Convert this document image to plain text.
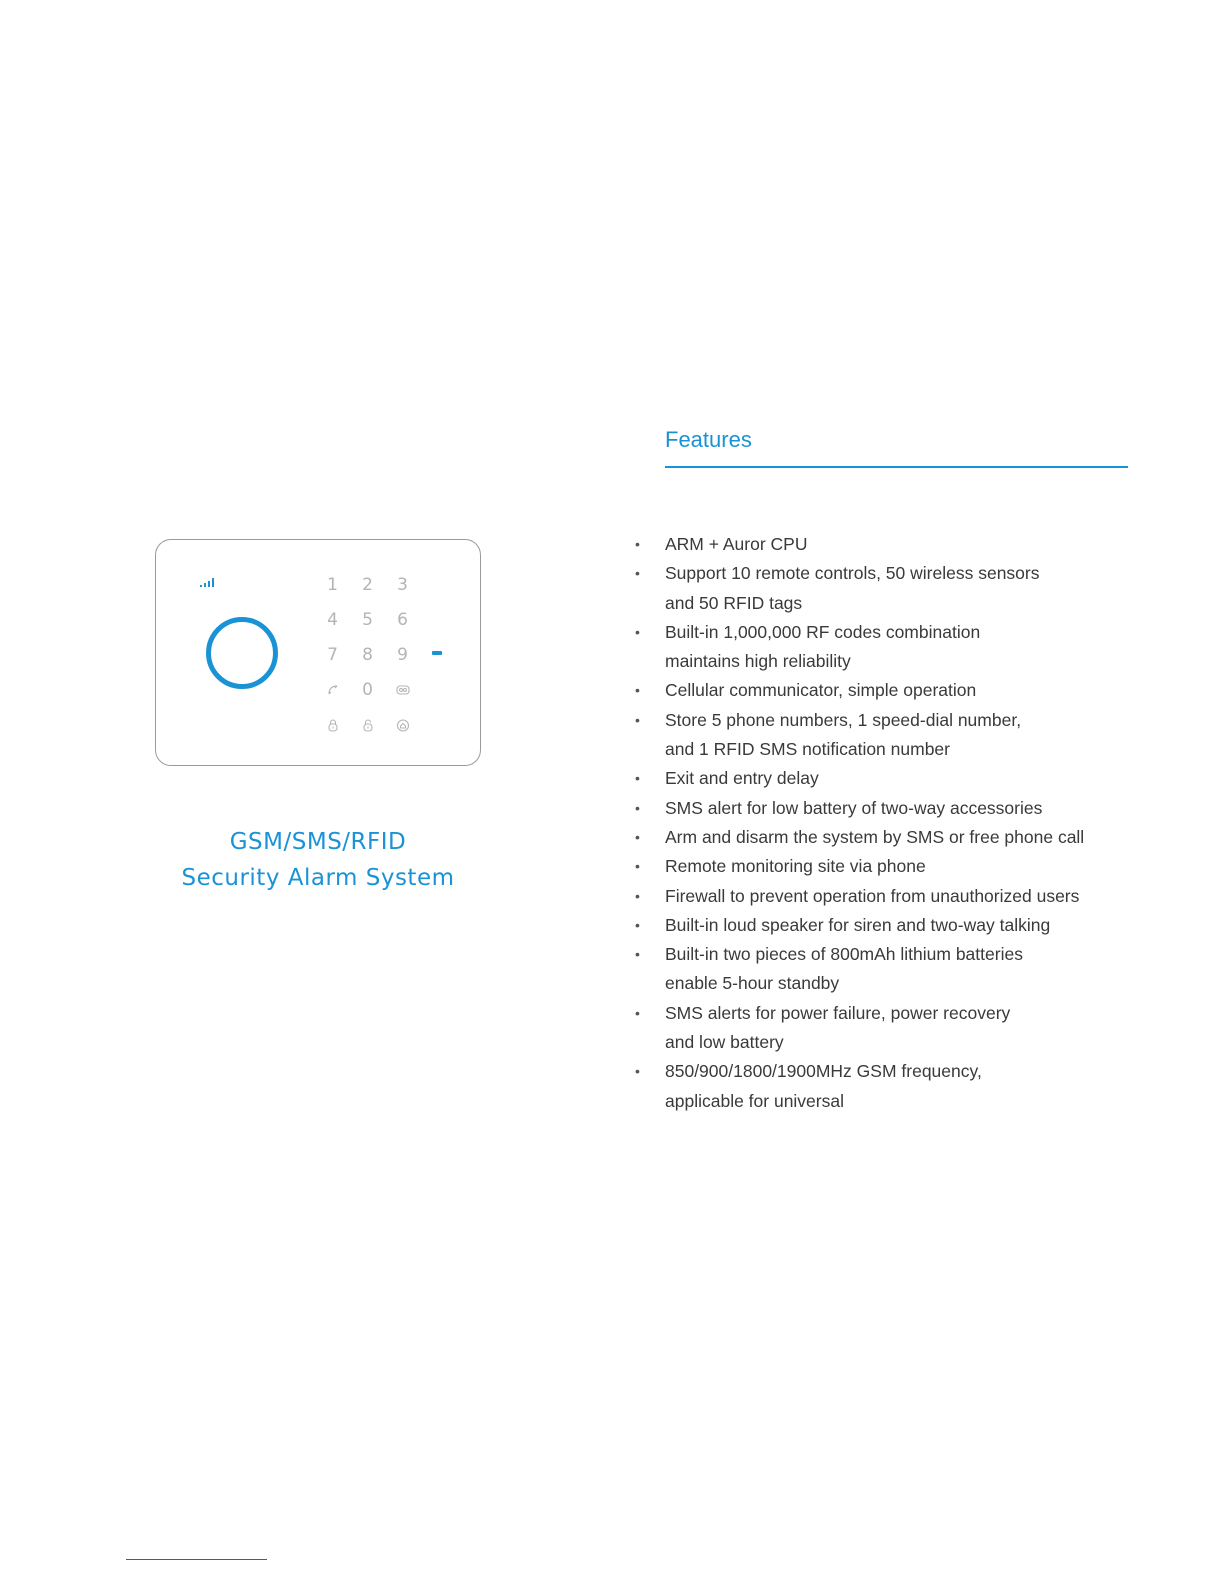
1	2	3
4	5	6
7	8	9
0
GSM/SMS/RFID
Security Alarm System
Features
• ARM + Auror CPU
• Support 10 remote controls, 50 wireless sensors
and 50 RFID tags
• Built-in 1,000,000 RF codes combination
maintains high reliability
• Cellular communicator, simple operation
• Store 5 phone numbers, 1 speed-dial number,
and 1 RFID SMS notification number
• Exit and entry delay
• SMS alert for low battery of two-way accessories
• Arm and disarm the system by SMS or free phone call
• Remote monitoring site via phone
• Firewall to prevent operation from unauthorized users
• Built-in loud speaker for siren and two-way talking
• Built-in two pieces of 800mAh lithium batteries
enable 5-hour standby
• SMS alerts for power failure, power recovery
and low battery
• 850/900/1800/1900MHz GSM frequency,
applicable for universal
